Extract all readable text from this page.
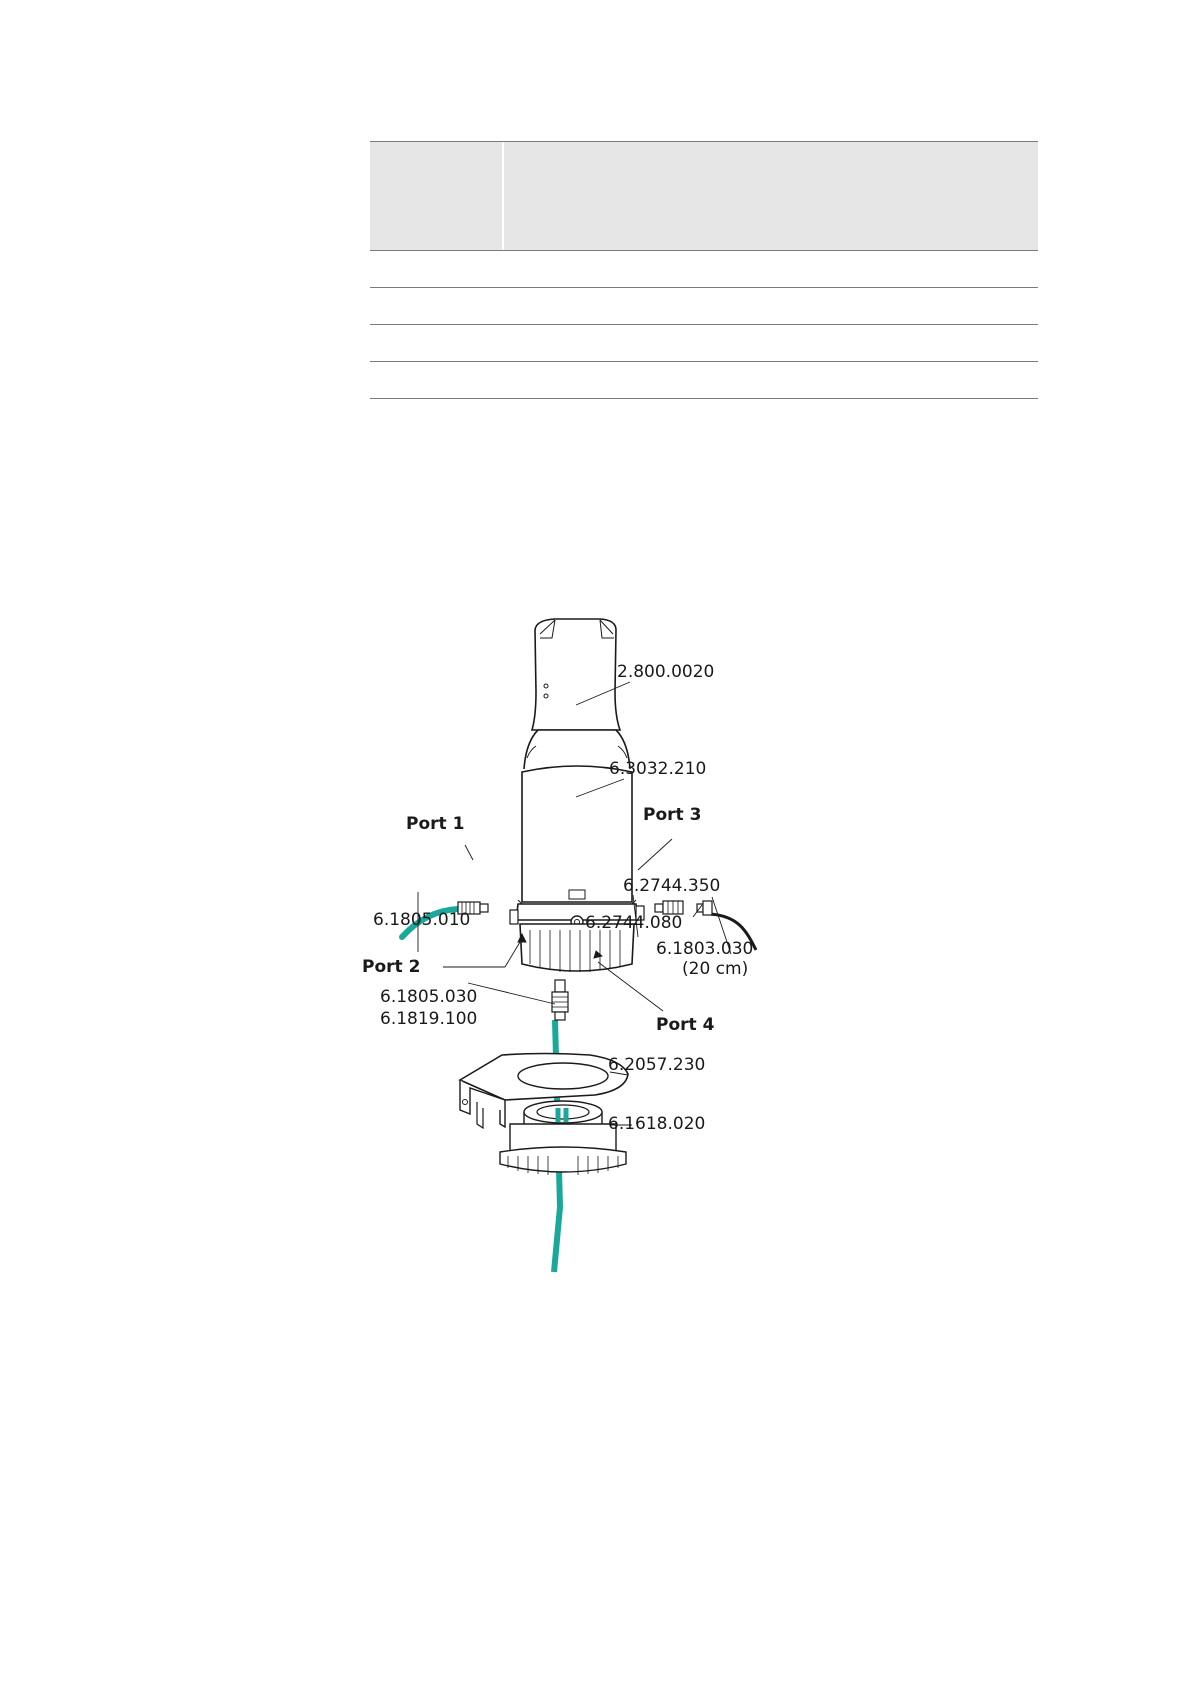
2.800.0020
6.3032.210
Port 1	Port 3
6.2744.350
6.1805.010	6.2744.080
6.1803.030
(20 cm)
Port 2
6.1805.030
6.1819.100	Port 4
6.2057.230
6.1618.020
